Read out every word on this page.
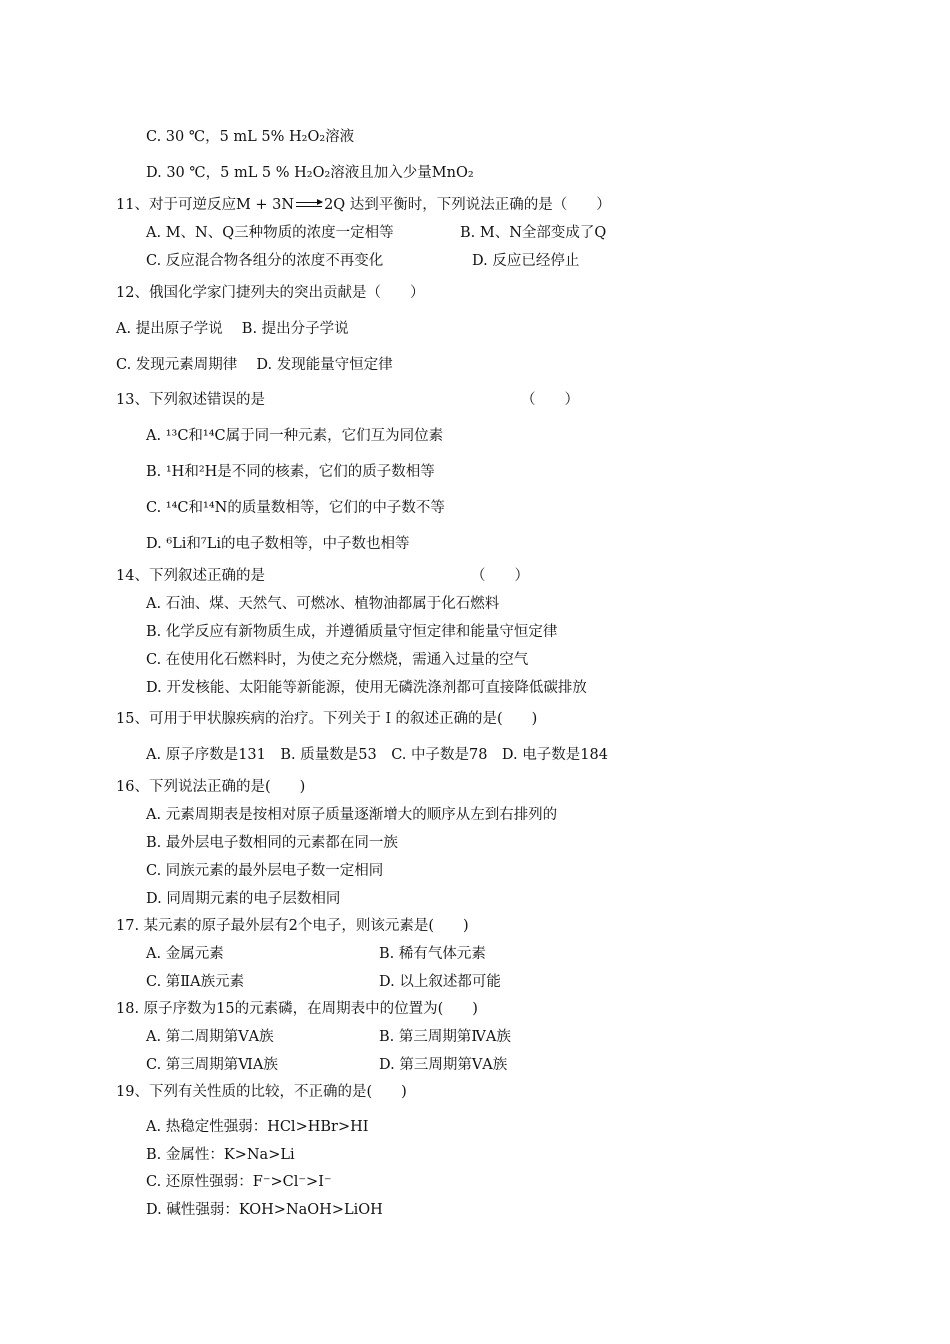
C. 30 ℃，5 mL 5% H₂O₂溶液
D. 30 ℃，5 mL 5 % H₂O₂溶液且加入少量MnO₂
11、对于可逆反应M + 3N 2Q 达到平衡时，下列说法正确的是（　　）
A. M、N、Q三种物质的浓度一定相等	B. M、N全部变成了Q
C. 反应混合物各组分的浓度不再变化	D. 反应已经停止
12、俄国化学家门捷列夫的突出贡献是（　　）
A. 提出原子学说　 B. 提出分子学说
C. 发现元素周期律　 D. 发现能量守恒定律
13、下列叙述错误的是	（　　）
A. ¹³C和¹⁴C属于同一种元素，它们互为同位素
B. ¹H和²H是不同的核素，它们的质子数相等
C. ¹⁴C和¹⁴N的质量数相等，它们的中子数不等
D. ⁶Li和⁷Li的电子数相等，中子数也相等
14、下列叙述正确的是	（　　）
A. 石油、煤、天然气、可燃冰、植物油都属于化石燃料
B. 化学反应有新物质生成，并遵循质量守恒定律和能量守恒定律
C. 在使用化石燃料时，为使之充分燃烧，需通入过量的空气
D. 开发核能、太阳能等新能源，使用无磷洗涤剂都可直接降低碳排放
15、可用于甲状腺疾病的治疗。下列关于Ｉ的叙述正确的是(　　)
A. 原子序数是131　B. 质量数是53　C. 中子数是78　D. 电子数是184
16、下列说法正确的是(　　)
A. 元素周期表是按相对原子质量逐渐增大的顺序从左到右排列的
B. 最外层电子数相同的元素都在同一族
C. 同族元素的最外层电子数一定相同
D. 同周期元素的电子层数相同
17. 某元素的原子最外层有2个电子，则该元素是(　　)
A. 金属元素	B. 稀有气体元素
C. 第ⅡA族元素	D. 以上叙述都可能
18. 原子序数为15的元素磷，在周期表中的位置为(　　)
A. 第二周期第ⅤA族	B. 第三周期第ⅣA族
C. 第三周期第ⅥA族	D. 第三周期第ⅤA族
19、下列有关性质的比较，不正确的是(　　)
A. 热稳定性强弱：HCl>HBr>HI
B. 金属性：K>Na>Li
C. 还原性强弱：F⁻>Cl⁻>I⁻
D. 碱性强弱：KOH>NaOH>LiOH
